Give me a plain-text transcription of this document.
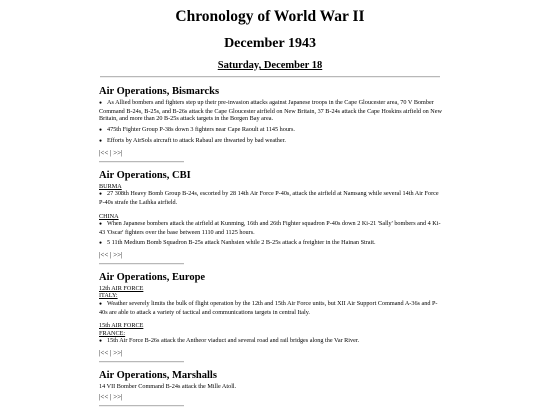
Chronology of World War II
December 1943
Saturday, December 18
Air Operations, Bismarcks
● As Allied bombers and fighters step up their pre-invasion attacks against Japanese troops in the Cape Gloucester area, 70 V Bomber Command B-24s, B-25s, and B-26s attack the Cape Gloucester airfield on New Britain, 37 B-24s attack the Cape Hoskins airfield on New Britain, and more than 20 B-25s attack targets in the Borgen Bay area.
● 475th Fighter Group P-38s down 3 fighters near Cape Raoult at 1145 hours.
● Efforts by AirSols aircraft to attack Rabaul are thwarted by bad weather.
|<< | >>|
Air Operations, CBI
BURMA
● 27 308th Heavy Bomb Group B-24s, escorted by 28 14th Air Force P-40s, attack the airfield at Namsang while several 14th Air Force P-40s strafe the Laihka airfield.
CHINA
● When Japanese bombers attack the airfield at Kunming, 16th and 26th Fighter squadron P-40s down 2 Ki-21 'Sally' bombers and 4 Ki-43 'Oscar' fighters over the base between 1110 and 1125 hours.
● 5 11th Medium Bomb Squadron B-25s attack Nanhsien while 2 B-25s attack a freighter in the Hainan Strait.
|<< | >>|
Air Operations, Europe
12th AIR FORCE
ITALY:
● Weather severely limits the bulk of flight operation by the 12th and 15th Air Force units, but XII Air Support Command A-36s and P-40s are able to attack a variety of tactical and communications targets in central Italy.
15th AIR FORCE
FRANCE:
● 15th Air Force B-26s attack the Antheor viaduct and several road and rail bridges along the Var River.
|<< | >>|
Air Operations, Marshalls
14 VII Bomber Command B-24s attack the Mille Atoll.
|<< | >>|
